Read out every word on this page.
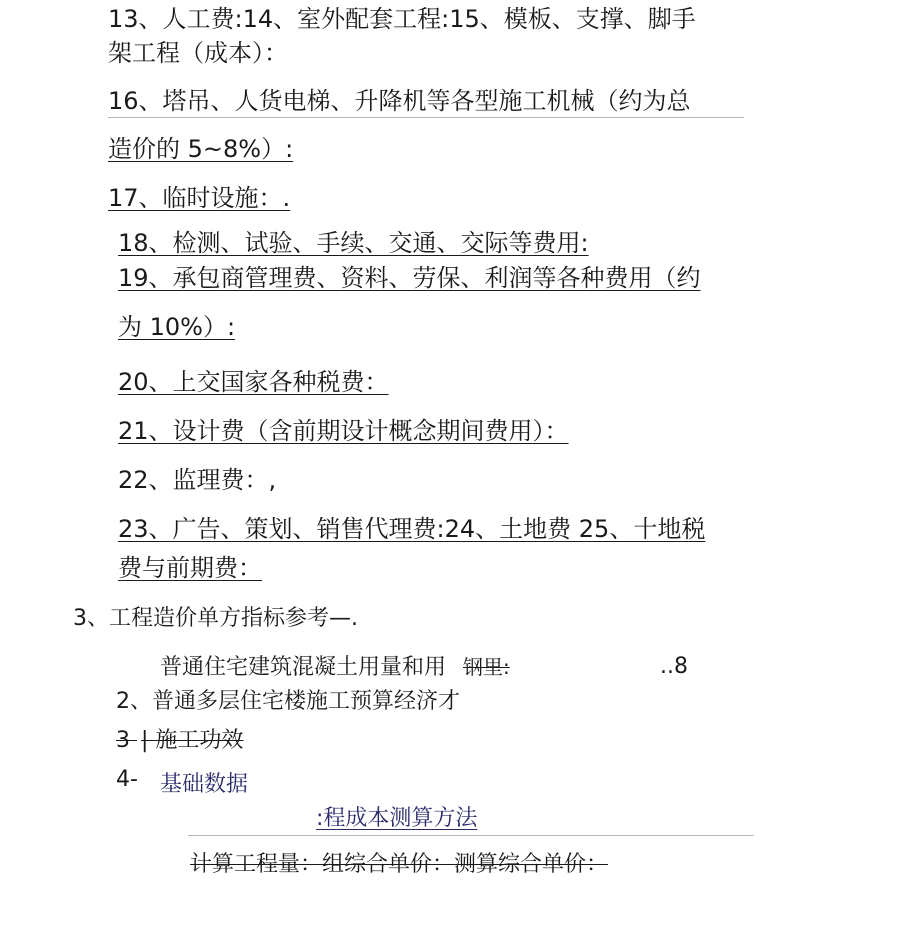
13、人工费:14、室外配套工程:15、模板、支撑、脚手
架工程（成本）：
16、塔吊、人货电梯、升降机等各型施工机械（约为总
造价的 5~8%）:
17、临时设施：.
18、检测、试验、手续、交通、交际等费用:
19、承包商管理费、资料、劳保、利润等各种费用（约
为 10%）:
20、上交国家各种税费：
21、设计费（含前期设计概念期间费用）：
22、监理费：,
23、广告、策划、销售代理费:24、土地费 25、十地税
费与前期费：
3、工程造价单方指标参考—.
普通住宅建筑混凝土用量和用 钢里:	..8
2、普通多层住宅楼施工预算经济才
3 | 施工功效
4- 基础数据
:程成本测算方法
计算工程量：组综合单价：测算综合单价：
